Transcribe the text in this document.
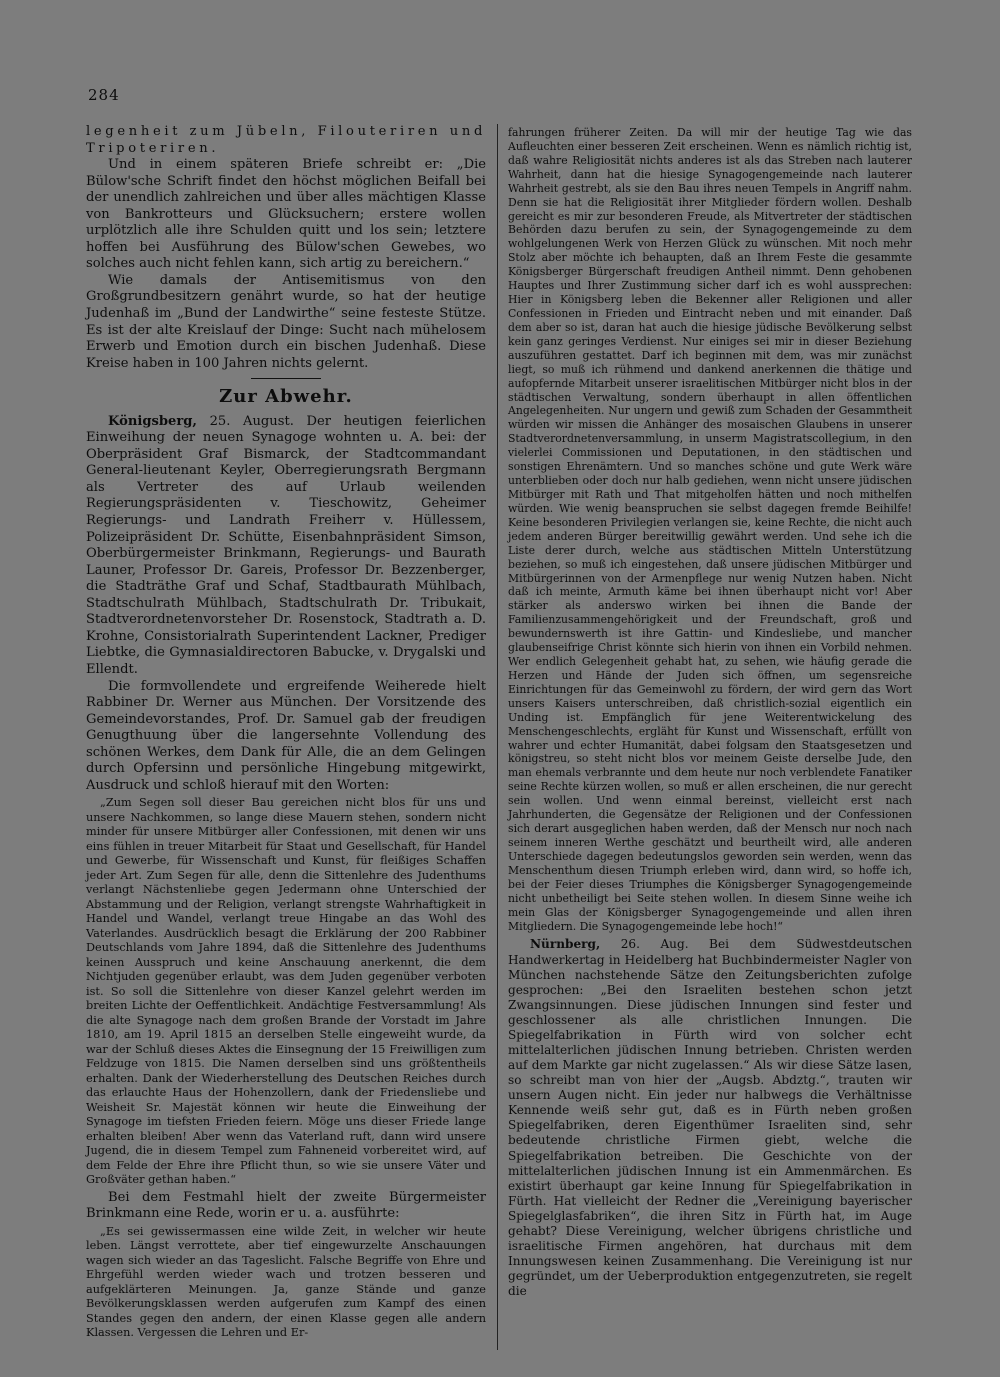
284

legenheit zum Jübeln, Filouteriren und Tripoteriren.

Und in einem späteren Briefe schreibt er: „Die Bülow'sche Schrift findet den höchst möglichen Beifall bei der unendlich zahlreichen und über alles mächtigen Klasse von Bankrotteurs und Glücksuchern; erstere wollen urplötzlich alle ihre Schulden quitt und los sein; letztere hoffen bei Ausführung des Bülow'schen Gewebes, wo solches auch nicht fehlen kann, sich artig zu bereichern.“

Wie damals der Antisemitismus von den Großgrundbesitzern genährt wurde, so hat der heutige Judenhaß im „Bund der Landwirthe“ seine festeste Stütze. Es ist der alte Kreislauf der Dinge: Sucht nach mühelosem Erwerb und Emotion durch ein bischen Judenhaß. Diese Kreise haben in 100 Jahren nichts gelernt.

Zur Abwehr.

Königsberg, 25. August. Der heutigen feierlichen Einweihung der neuen Synagoge wohnten u. A. bei: der Oberpräsident Graf Bismarck, der Stadtcommandant General-lieutenant Keyler, Oberregierungsrath Bergmann als Vertreter des auf Urlaub weilenden Regierungspräsidenten v. Tieschowitz, Geheimer Regierungs- und Landrath Freiherr v. Hüllessem, Polizeipräsident Dr. Schütte, Eisenbahnpräsident Simson, Oberbürgermeister Brinkmann, Regierungs- und Baurath Launer, Professor Dr. Gareis, Professor Dr. Bezzenberger, die Stadträthe Graf und Schaf, Stadtbaurath Mühlbach, Stadtschulrath Mühlbach, Stadtschulrath Dr. Tribukait, Stadtverordnetenvorsteher Dr. Rosenstock, Stadtrath a. D. Krohne, Consistorialrath Superintendent Lackner, Prediger Liebtke, die Gymnasialdirectoren Babucke, v. Drygalski und Ellendt.

Die formvollendete und ergreifende Weiherede hielt Rabbiner Dr. Werner aus München. Der Vorsitzende des Gemeindevorstandes, Prof. Dr. Samuel gab der freudigen Genugthuung über die langersehnte Vollendung des schönen Werkes, dem Dank für Alle, die an dem Gelingen durch Opfersinn und persönliche Hingebung mitgewirkt, Ausdruck und schloß hierauf mit den Worten:

„Zum Segen soll dieser Bau gereichen nicht blos für uns und unsere Nachkommen, so lange diese Mauern stehen, sondern nicht minder für unsere Mitbürger aller Confessionen, mit denen wir uns eins fühlen in treuer Mitarbeit für Staat und Gesellschaft, für Handel und Gewerbe, für Wissenschaft und Kunst, für fleißiges Schaffen jeder Art. Zum Segen für alle, denn die Sittenlehre des Judenthums verlangt Nächstenliebe gegen Jedermann ohne Unterschied der Abstammung und der Religion, verlangt strengste Wahrhaftigkeit in Handel und Wandel, verlangt treue Hingabe an das Wohl des Vaterlandes. Ausdrücklich besagt die Erklärung der 200 Rabbiner Deutschlands vom Jahre 1894, daß die Sittenlehre des Judenthums keinen Ausspruch und keine Anschauung anerkennt, die dem Nichtjuden gegenüber erlaubt, was dem Juden gegenüber verboten ist. So soll die Sittenlehre von dieser Kanzel gelehrt werden im breiten Lichte der Oeffentlichkeit. Andächtige Festversammlung! Als die alte Synagoge nach dem großen Brande der Vorstadt im Jahre 1810, am 19. April 1815 an derselben Stelle eingeweiht wurde, da war der Schluß dieses Aktes die Einsegnung der 15 Freiwilligen zum Feldzuge von 1815. Die Namen derselben sind uns größtentheils erhalten. Dank der Wiederherstellung des Deutschen Reiches durch das erlauchte Haus der Hohenzollern, dank der Friedensliebe und Weisheit Sr. Majestät können wir heute die Einweihung der Synagoge im tiefsten Frieden feiern. Möge uns dieser Friede lange erhalten bleiben! Aber wenn das Vaterland ruft, dann wird unsere Jugend, die in diesem Tempel zum Fahneneid vorbereitet wird, auf dem Felde der Ehre ihre Pflicht thun, so wie sie unsere Väter und Großväter gethan haben.“

Bei dem Festmahl hielt der zweite Bürgermeister Brinkmann eine Rede, worin er u. a. ausführte:

„Es sei gewissermassen eine wilde Zeit, in welcher wir heute leben. Längst verrottete, aber tief eingewurzelte Anschauungen wagen sich wieder an das Tageslicht. Falsche Begriffe von Ehre und Ehrgefühl werden wieder wach und trotzen besseren und aufgeklärteren Meinungen. Ja, ganze Stände und ganze Bevölkerungsklassen werden aufgerufen zum Kampf des einen Standes gegen den andern, der einen Klasse gegen alle andern Klassen. Vergessen die Lehren und Er-

fahrungen früherer Zeiten. Da will mir der heutige Tag wie das Aufleuchten einer besseren Zeit erscheinen. Wenn es nämlich richtig ist, daß wahre Religiosität nichts anderes ist als das Streben nach lauterer Wahrheit, dann hat die hiesige Synagogengemeinde nach lauterer Wahrheit gestrebt, als sie den Bau ihres neuen Tempels in Angriff nahm. Denn sie hat die Religiosität ihrer Mitglieder fördern wollen. Deshalb gereicht es mir zur besonderen Freude, als Mitvertreter der städtischen Behörden dazu berufen zu sein, der Synagogengemeinde zu dem wohlgelungenen Werk von Herzen Glück zu wünschen. Mit noch mehr Stolz aber möchte ich behaupten, daß an Ihrem Feste die gesammte Königsberger Bürgerschaft freudigen Antheil nimmt. Denn gehobenen Hauptes und Ihrer Zustimmung sicher darf ich es wohl aussprechen: Hier in Königsberg leben die Bekenner aller Religionen und aller Confessionen in Frieden und Eintracht neben und mit einander. Daß dem aber so ist, daran hat auch die hiesige jüdische Bevölkerung selbst kein ganz geringes Verdienst. Nur einiges sei mir in dieser Beziehung auszuführen gestattet. Darf ich beginnen mit dem, was mir zunächst liegt, so muß ich rühmend und dankend anerkennen die thätige und aufopfernde Mitarbeit unserer israelitischen Mitbürger nicht blos in der städtischen Verwaltung, sondern überhaupt in allen öffentlichen Angelegenheiten. Nur ungern und gewiß zum Schaden der Gesammtheit würden wir missen die Anhänger des mosaischen Glaubens in unserer Stadtverordnetenversammlung, in unserm Magistratscollegium, in den vielerlei Commissionen und Deputationen, in den städtischen und sonstigen Ehrenämtern. Und so manches schöne und gute Werk wäre unterblieben oder doch nur halb gediehen, wenn nicht unsere jüdischen Mitbürger mit Rath und That mitgeholfen hätten und noch mithelfen würden. Wie wenig beanspruchen sie selbst dagegen fremde Beihilfe! Keine besonderen Privilegien verlangen sie, keine Rechte, die nicht auch jedem anderen Bürger bereitwillig gewährt werden. Und sehe ich die Liste derer durch, welche aus städtischen Mitteln Unterstützung beziehen, so muß ich eingestehen, daß unsere jüdischen Mitbürger und Mitbürgerinnen von der Armenpflege nur wenig Nutzen haben. Nicht daß ich meinte, Armuth käme bei ihnen überhaupt nicht vor! Aber stärker als anderswo wirken bei ihnen die Bande der Familienzusammengehörigkeit und der Freundschaft, groß und bewundernswerth ist ihre Gattin- und Kindesliebe, und mancher glaubenseifrige Christ könnte sich hierin von ihnen ein Vorbild nehmen. Wer endlich Gelegenheit gehabt hat, zu sehen, wie häufig gerade die Herzen und Hände der Juden sich öffnen, um segensreiche Einrichtungen für das Gemeinwohl zu fördern, der wird gern das Wort unsers Kaisers unterschreiben, daß christlich-sozial eigentlich ein Unding ist. Empfänglich für jene Weiterentwickelung des Menschengeschlechts, ergläht für Kunst und Wissenschaft, erfüllt von wahrer und echter Humanität, dabei folgsam den Staatsgesetzen und königstreu, so steht nicht blos vor meinem Geiste derselbe Jude, den man ehemals verbrannte und dem heute nur noch verblendete Fanatiker seine Rechte kürzen wollen, so muß er allen erscheinen, die nur gerecht sein wollen. Und wenn einmal bereinst, vielleicht erst nach Jahrhunderten, die Gegensätze der Religionen und der Confessionen sich derart ausgeglichen haben werden, daß der Mensch nur noch nach seinem inneren Werthe geschätzt und beurtheilt wird, alle anderen Unterschiede dagegen bedeutungslos geworden sein werden, wenn das Menschenthum diesen Triumph erleben wird, dann wird, so hoffe ich, bei der Feier dieses Triumphes die Königsberger Synagogengemeinde nicht unbetheiligt bei Seite stehen wollen. In diesem Sinne weihe ich mein Glas der Königsberger Synagogengemeinde und allen ihren Mitgliedern. Die Synagogengemeinde lebe hoch!“

Nürnberg, 26. Aug. Bei dem Südwestdeutschen Handwerkertag in Heidelberg hat Buchbindermeister Nagler von München nachstehende Sätze den Zeitungsberichten zufolge gesprochen: „Bei den Israeliten bestehen schon jetzt Zwangsinnungen. Diese jüdischen Innungen sind fester und geschlossener als alle christlichen Innungen. Die Spiegelfabrikation in Fürth wird von solcher echt mittelalterlichen jüdischen Innung betrieben. Christen werden auf dem Markte gar nicht zugelassen.“ Als wir diese Sätze lasen, so schreibt man von hier der „Augsb. Abdztg.“, trauten wir unsern Augen nicht. Ein jeder nur halbwegs die Verhältnisse Kennende weiß sehr gut, daß es in Fürth neben großen Spiegelfabriken, deren Eigenthümer Israeliten sind, sehr bedeutende christliche Firmen giebt, welche die Spiegelfabrikation betreiben. Die Geschichte von der mittelalterlichen jüdischen Innung ist ein Ammenmärchen. Es existirt überhaupt gar keine Innung für Spiegelfabrikation in Fürth. Hat vielleicht der Redner die „Vereinigung bayerischer Spiegelglasfabriken“, die ihren Sitz in Fürth hat, im Auge gehabt? Diese Vereinigung, welcher übrigens christliche und israelitische Firmen angehören, hat durchaus mit dem Innungswesen keinen Zusammenhang. Die Vereinigung ist nur gegründet, um der Ueberproduktion entgegenzutreten, sie regelt die
